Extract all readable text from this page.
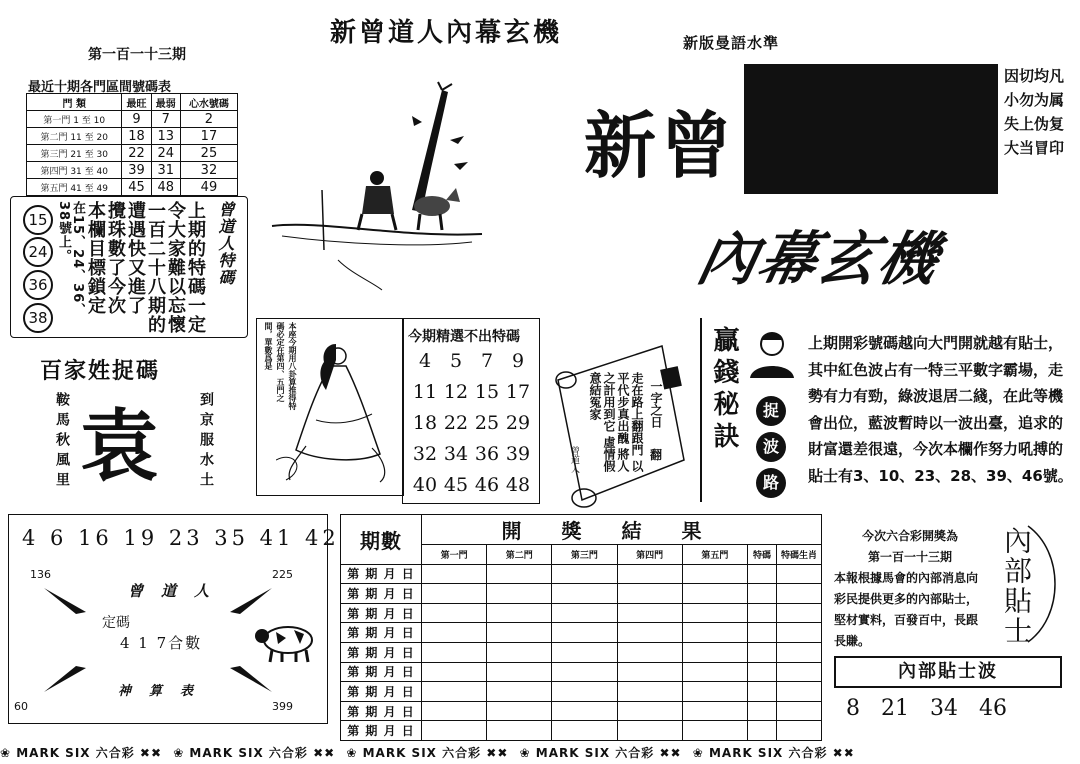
新曾道人內幕玄機	新版曼語水準
第一百一十三期
最近十期各門區間號碼表
門 類	最旺	最弱	心水號碼
第一門 1 至 10	9	7	2
第二門 11 至 20	18	13	17
第三門 21 至 30	22	24	25
第四門 31 至 40	39	31	32
第五門 41 至 49	45	48	49
15
24
36
38	上期的特碼一定
令大家難以忘懷
一百二十八期的
遭遇快又進了
攪珠數了今次
本欄目標鎖定
在15、24、36、
38號上。	曾道人特碼
百家姓捉碼
袁
鞍馬秋風里	到京服水土
新曾
內幕玄機
因切均凡
小勿为属
失上伪复
大当冒印
本座今期用八卦算推得特碼必定在第四、五門之間，單數爲是	今期精選不出特碼
4 5 7 9
11 12 15 17
18 22 25 29
32 34 36 39
40 45 46 48
走在路上翻跟門 以平代步真出醜 將人之計用到它 虛情假意結冤家	一字之日
翻
曾道人
贏錢秘訣	捉
波
路
上期開彩號碼越向大門開就越有貼士，其中紅色波占有一特三平數字霸場，走勢有力有勁，綠波退居二綫，在此等機會出位，藍波暫時以一波出臺，追求的財富還差很遠，今次本欄作努力吼搏的貼士有3、10、23、28、39、46號。
4 6 16 19 23 35 41 42
136	225
60	399
曾道人
定碼
4 1 7合數
神算表
期數	開獎結果						
	第一門	第二門	第三門	第四門	第五門	特碼	特碼生肖
第 期 月 日							
第 期 月 日							
第 期 月 日							
第 期 月 日							
第 期 月 日							
第 期 月 日							
第 期 月 日							
第 期 月 日							
第 期 月 日							
今次六合彩開獎為
第一百一十三期
本報根據馬會的內部消息向彩民提供更多的內部貼士，堅材實料，百發百中，長跟長賺。	內部貼士
內部貼士波
8 21 34 46
❀ MARK SIX 六合彩 ✖✖ ❀ MARK SIX 六合彩 ✖✖ ❀ MARK SIX 六合彩 ✖✖ ❀ MARK SIX 六合彩 ✖✖ ❀ MARK SIX 六合彩 ✖✖
